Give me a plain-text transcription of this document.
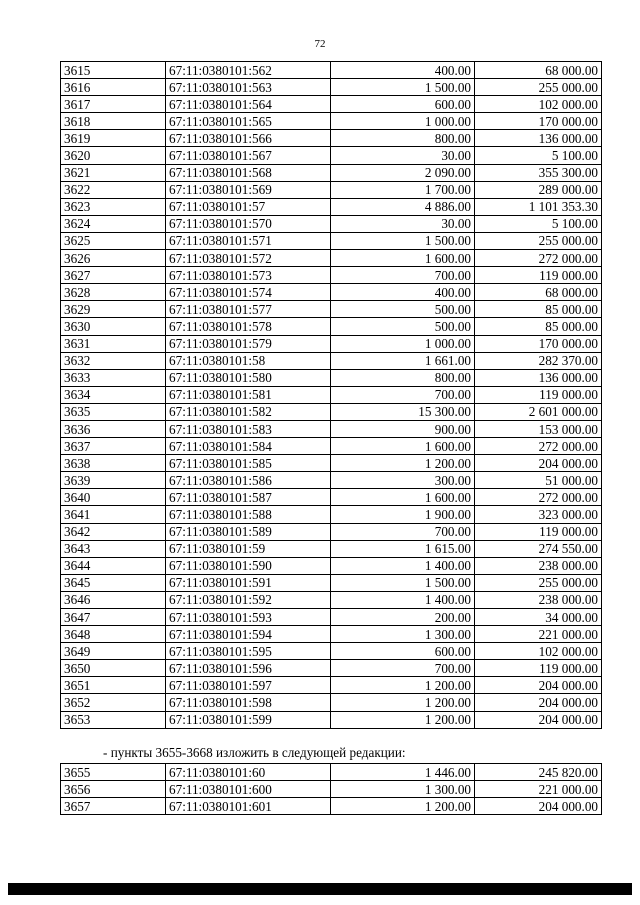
72
3615	67:11:0380101:562	400.00	68 000.00
3616	67:11:0380101:563	1 500.00	255 000.00
3617	67:11:0380101:564	600.00	102 000.00
3618	67:11:0380101:565	1 000.00	170 000.00
3619	67:11:0380101:566	800.00	136 000.00
3620	67:11:0380101:567	30.00	5 100.00
3621	67:11:0380101:568	2 090.00	355 300.00
3622	67:11:0380101:569	1 700.00	289 000.00
3623	67:11:0380101:57	4 886.00	1 101 353.30
3624	67:11:0380101:570	30.00	5 100.00
3625	67:11:0380101:571	1 500.00	255 000.00
3626	67:11:0380101:572	1 600.00	272 000.00
3627	67:11:0380101:573	700.00	119 000.00
3628	67:11:0380101:574	400.00	68 000.00
3629	67:11:0380101:577	500.00	85 000.00
3630	67:11:0380101:578	500.00	85 000.00
3631	67:11:0380101:579	1 000.00	170 000.00
3632	67:11:0380101:58	1 661.00	282 370.00
3633	67:11:0380101:580	800.00	136 000.00
3634	67:11:0380101:581	700.00	119 000.00
3635	67:11:0380101:582	15 300.00	2 601 000.00
3636	67:11:0380101:583	900.00	153 000.00
3637	67:11:0380101:584	1 600.00	272 000.00
3638	67:11:0380101:585	1 200.00	204 000.00
3639	67:11:0380101:586	300.00	51 000.00
3640	67:11:0380101:587	1 600.00	272 000.00
3641	67:11:0380101:588	1 900.00	323 000.00
3642	67:11:0380101:589	700.00	119 000.00
3643	67:11:0380101:59	1 615.00	274 550.00
3644	67:11:0380101:590	1 400.00	238 000.00
3645	67:11:0380101:591	1 500.00	255 000.00
3646	67:11:0380101:592	1 400.00	238 000.00
3647	67:11:0380101:593	200.00	34 000.00
3648	67:11:0380101:594	1 300.00	221 000.00
3649	67:11:0380101:595	600.00	102 000.00
3650	67:11:0380101:596	700.00	119 000.00
3651	67:11:0380101:597	1 200.00	204 000.00
3652	67:11:0380101:598	1 200.00	204 000.00
3653	67:11:0380101:599	1 200.00	204 000.00
- пункты 3655-3668 изложить в следующей редакции:
3655	67:11:0380101:60	1 446.00	245 820.00
3656	67:11:0380101:600	1 300.00	221 000.00
3657	67:11:0380101:601	1 200.00	204 000.00
